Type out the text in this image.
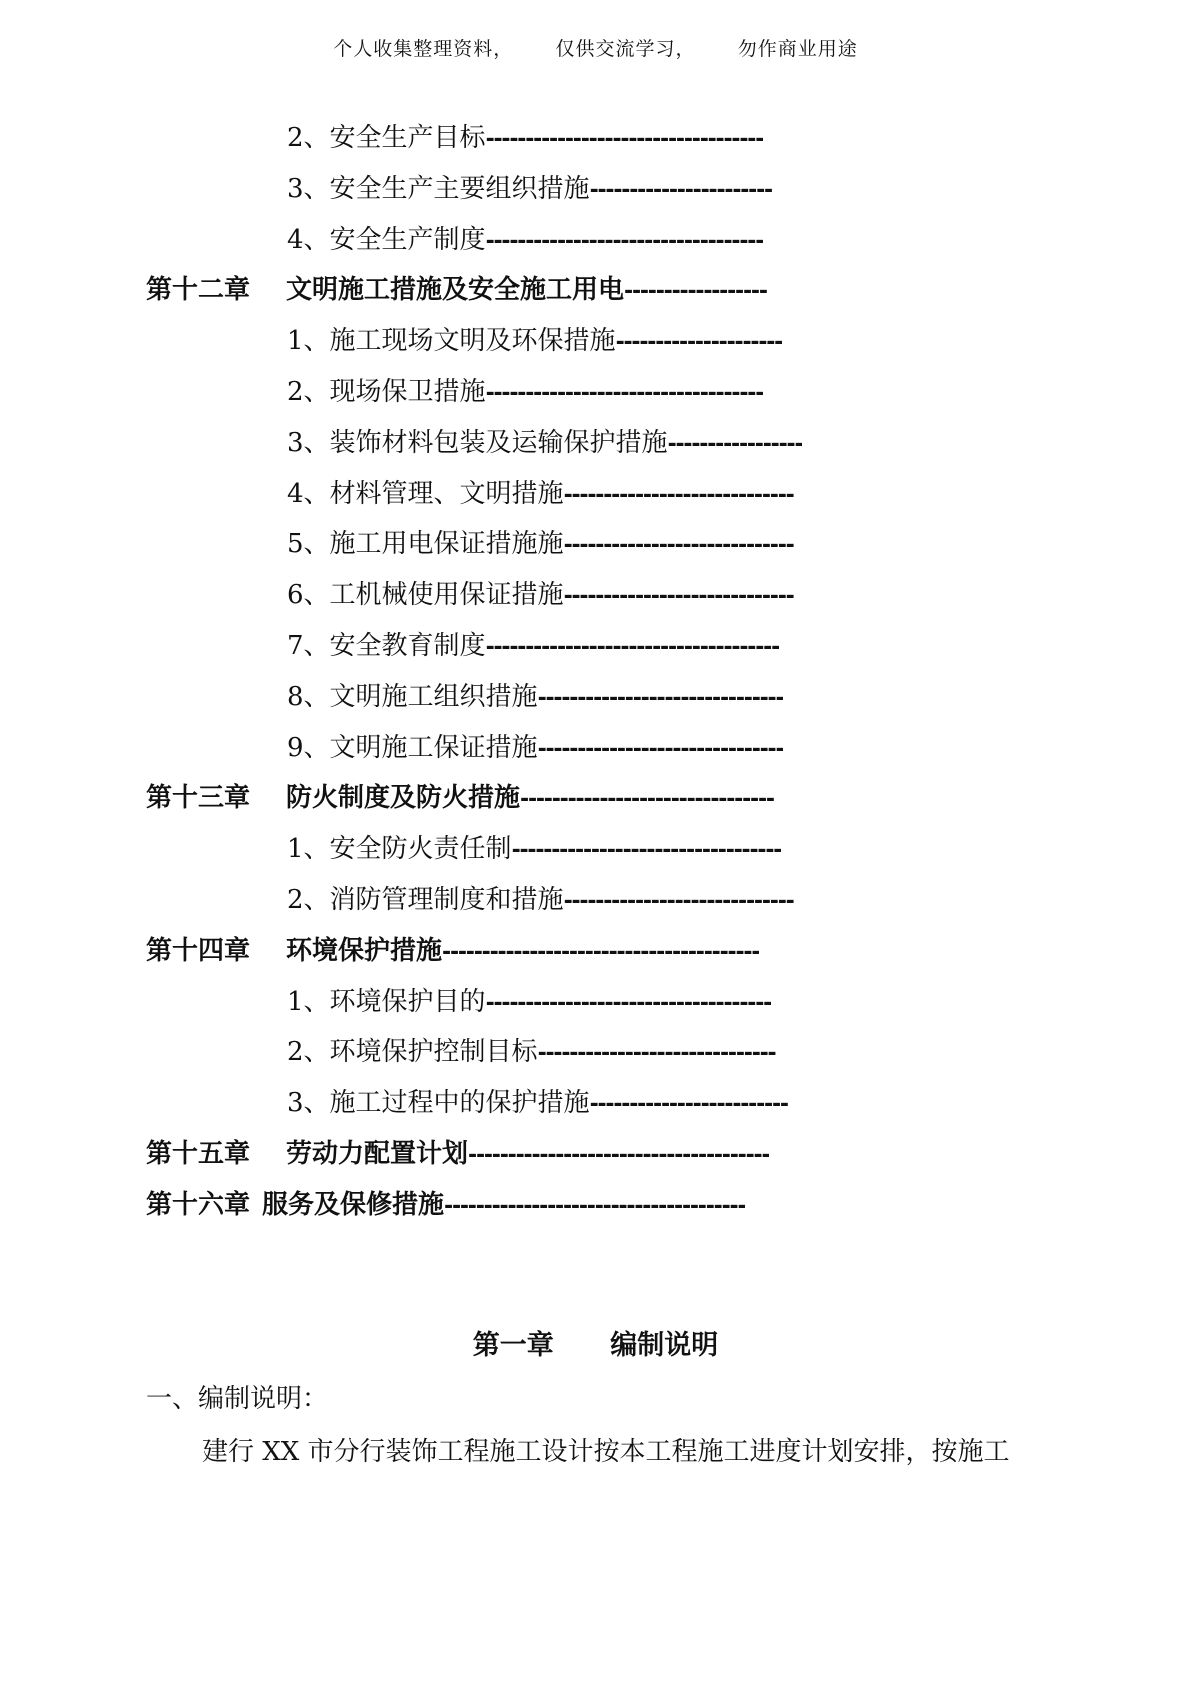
个人收集整理资料，      仅供交流学习，      勿作商业用途
2、安全生产目标-----------------------------------
3、安全生产主要组织措施-----------------------
4、安全生产制度-----------------------------------
第十二章 文明施工措施及安全施工用电------------------
1、施工现场文明及环保措施---------------------
2、现场保卫措施-----------------------------------
3、装饰材料包装及运输保护措施-----------------
4、材料管理、文明措施-----------------------------
5、施工用电保证措施施-----------------------------
6、工机械使用保证措施-----------------------------
7、安全教育制度-------------------------------------
8、文明施工组织措施-------------------------------
9、文明施工保证措施-------------------------------
第十三章 防火制度及防火措施--------------------------------
1、安全防火责任制----------------------------------
2、消防管理制度和措施-----------------------------
第十四章 环境保护措施----------------------------------------
1、环境保护目的------------------------------------
2、环境保护控制目标------------------------------
3、施工过程中的保护措施-------------------------
第十五章 劳动力配置计划--------------------------------------
第十六章服务及保修措施--------------------------------------
第一章      编制说明
一、编制说明：
建行 XX 市分行装饰工程施工设计按本工程施工进度计划安排，按施工
